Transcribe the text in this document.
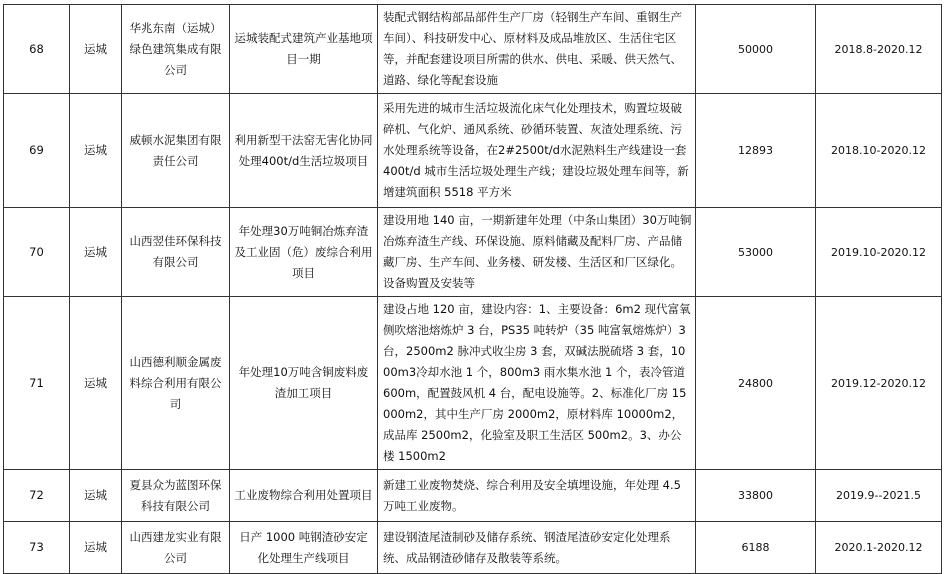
68	运城	华兆东南（运城）绿色建筑集成有限公司	运城装配式建筑产业基地项目一期	装配式钢结构部品部件生产厂房（轻钢生产车间、重钢生产车间）、科技研发中心、原材料及成品堆放区、生活住宅区等，并配套建设项目所需的供水、供电、采暖、供天然气、道路、绿化等配套设施	50000	2018.8-2020.12
69	运城	威顿水泥集团有限责任公司	利用新型干法窑无害化协同处理400t/d生活垃圾项目	采用先进的城市生活垃圾流化床气化处理技术，购置垃圾破碎机、气化炉、通风系统、砂循环装置、灰渣处理系统、污水处理系统等设备，在2#2500t/d水泥熟料生产线建设一套 400t/d 城市生活垃圾处理生产线；建设垃圾处理车间等，新增建筑面积 5518 平方米	12893	2018.10-2020.12
70	运城	山西翌佳环保科技有限公司	年处理30万吨铜冶炼弃渣及工业固（危）废综合利用项目	建设用地 140 亩，一期新建年处理（中条山集团）30万吨铜冶炼弃渣生产线、环保设施、原料储藏及配料厂房、产品储藏厂房、生产车间、业务楼、研发楼、生活区和厂区绿化。设备购置及安装等	53000	2019.10-2020.12
71	运城	山西德利顺金属废料综合利用有限公司	年处理10万吨含铜废料废渣加工项目	建设占地 120 亩，建设内容：1、主要设备：6m2 现代富氧侧吹熔池熔炼炉 3 台，PS35 吨转炉（35 吨富氧熔炼炉）3台，2500m2 脉冲式收尘房 3 套，双碱法脱硫塔 3 套，1000m3冷却水池 1 个，800m3 雨水集水池 1 个，表冷管道 600m，配置鼓风机 4 台，配电设施等。2、标准化厂房 15000m2，其中生产厂房 2000m2，原材料库 10000m2，成品库 2500m2，化验室及职工生活区 500m2。3、办公楼 1500m2	24800	2019.12-2020.12
72	运城	夏县众为蓝图环保科技有限公司	工业废物综合利用处置项目	新建工业废物焚烧、综合利用及安全填埋设施，年处理 4.5 万吨工业废物。	33800	2019.9--2021.5
73	运城	山西建龙实业有限公司	日产 1000 吨钢渣砂安定化处理生产线项目	建设钢渣尾渣制砂及储存系统、钢渣尾渣砂安定化处理系统、成品钢渣砂储存及散装等系统。	6188	2020.1-2020.12
